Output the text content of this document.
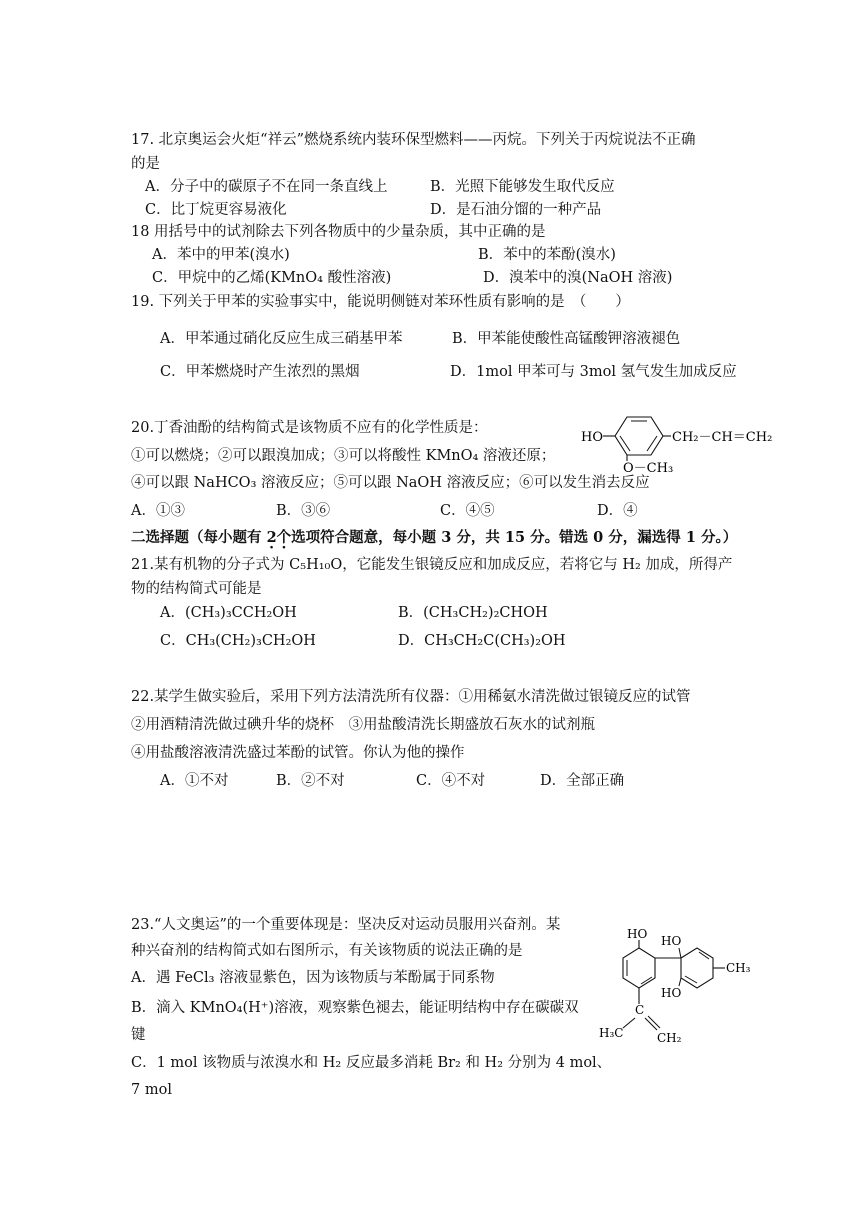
17. 北京奥运会火炬“祥云”燃烧系统内装环保型燃料——丙烷。下列关于丙烷说法不正确
的是
A．分子中的碳原子不在同一条直线上	B．光照下能够发生取代反应
C．比丁烷更容易液化	D．是石油分馏的一种产品
18 用括号中的试剂除去下列各物质中的少量杂质，其中正确的是
A．苯中的甲苯(溴水)	B．苯中的苯酚(溴水)
C．甲烷中的乙烯(KMnO₄ 酸性溶液)	D．溴苯中的溴(NaOH 溶液)
19. 下列关于甲苯的实验事实中，能说明侧链对苯环性质有影响的是　（　　）
A．甲苯通过硝化反应生成三硝基甲苯	B．甲苯能使酸性高锰酸钾溶液褪色
C．甲苯燃烧时产生浓烈的黑烟	D．1mol 甲苯可与 3mol 氢气发生加成反应
20.丁香油酚的结构简式是该物质不应有的化学性质是：
①可以燃烧；②可以跟溴加成；③可以将酸性 KMnO₄ 溶液还原；
④可以跟 NaHCO₃ 溶液反应；⑤可以跟 NaOH 溶液反应；⑥可以发生消去反应
A．①③	B．③⑥	C．④⑤	D．④
HO	CH₂－CH＝CH₂
O－CH₃
二选择题（每小题有 2 ·个选项符合题意，每小题 3 分，共 15 分。错选 0 分，漏选得 1 分。）
21.某有机物的分子式为 C₅H₁₀O，它能发生银镜反应和加成反应，若将它与 H₂ 加成，所得产
物的结构简式可能是
A．(CH₃)₃CCH₂OH	B．(CH₃CH₂)₂CHOH
C．CH₃(CH₂)₃CH₂OH	D．CH₃CH₂C(CH₃)₂OH
22.某学生做实验后，采用下列方法清洗所有仪器：①用稀氨水清洗做过银镜反应的试管
②用酒精清洗做过碘升华的烧杯　③用盐酸清洗长期盛放石灰水的试剂瓶
④用盐酸溶液清洗盛过苯酚的试管。你认为他的操作
A．①不对	B．②不对	C．④不对	D．全部正确
23.“人文奥运”的一个重要体现是：坚决反对运动员服用兴奋剂。某
种兴奋剂的结构简式如右图所示，有关该物质的说法正确的是
A．遇 FeCl₃ 溶液显紫色，因为该物质与苯酚属于同系物
B．滴入 KMnO₄(H⁺)溶液，观察紫色褪去，能证明结构中存在碳碳双
键
C．1 mol 该物质与浓溴水和 H₂ 反应最多消耗 Br₂ 和 H₂ 分别为 4 mol、
7 mol
HO HO
HO
CH₃
C
H₃C	CH₂
